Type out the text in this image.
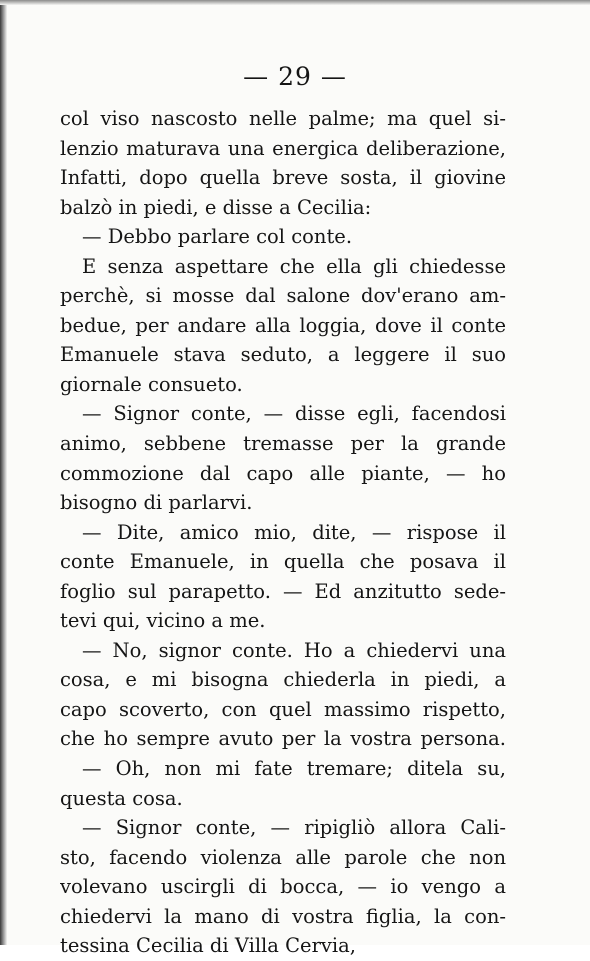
— 29 —
col viso nascosto nelle palme; ma quel si-
lenzio maturava una energica deliberazione,
Infatti, dopo quella breve sosta, il giovine
balzò in piedi, e disse a Cecilia:
— Debbo parlare col conte.
E senza aspettare che ella gli chiedesse
perchè, si mosse dal salone dov'erano am-
bedue, per andare alla loggia, dove il conte
Emanuele stava seduto, a leggere il suo
giornale consueto.
— Signor conte, — disse egli, facendosi
animo, sebbene tremasse per la grande
commozione dal capo alle piante, — ho
bisogno di parlarvi.
— Dite, amico mio, dite, — rispose il
conte Emanuele, in quella che posava il
foglio sul parapetto. — Ed anzitutto sede-
tevi qui, vicino a me.
— No, signor conte. Ho a chiedervi una
cosa, e mi bisogna chiederla in piedi, a
capo scoverto, con quel massimo rispetto,
che ho sempre avuto per la vostra persona.
— Oh, non mi fate tremare; ditela su,
questa cosa.
— Signor conte, — ripigliò allora Cali-
sto, facendo violenza alle parole che non
volevano uscirgli di bocca, — io vengo a
chiedervi la mano di vostra figlia, la con-
tessina Cecilia di Villa Cervia,
